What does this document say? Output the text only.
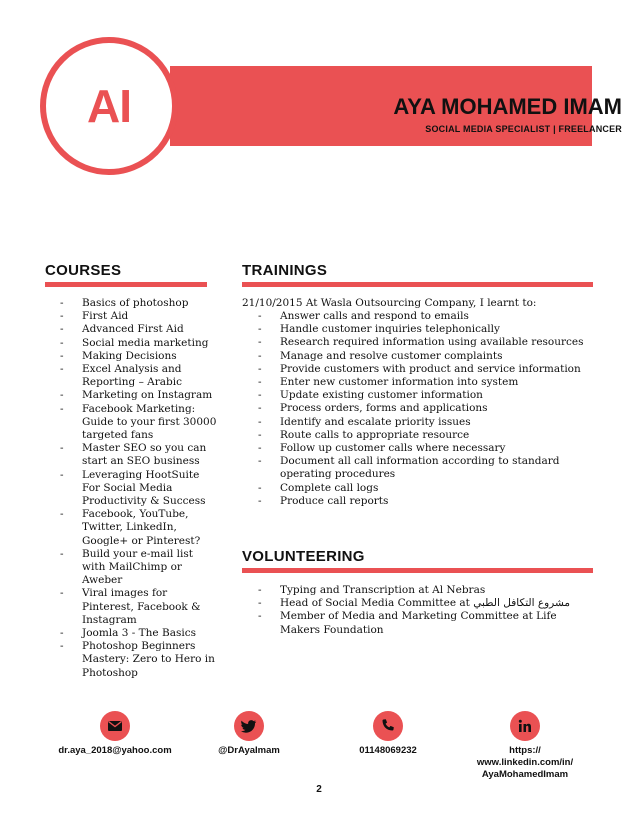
AI	AYA MOHAMED IMAM
SOCIAL MEDIA SPECIALIST | FREELANCER
COURSES
- Basics of photoshop
- First Aid
- Advanced First Aid
- Social media marketing
- Making Decisions
- Excel Analysis and Reporting – Arabic
- Marketing on Instagram
- Facebook Marketing: Guide to your first 30000 targeted fans
- Master SEO so you can start an SEO business
- Leveraging HootSuite For Social Media Productivity & Success
- Facebook, YouTube, Twitter, LinkedIn, Google+ or Pinterest?
- Build your e-mail list with MailChimp or Aweber
- Viral images for Pinterest, Facebook & Instagram
- Joomla 3 - The Basics
- Photoshop Beginners Mastery: Zero to Hero in Photoshop
TRAININGS
21/10/2015 At Wasla Outsourcing Company, I learnt to:
- Answer calls and respond to emails
- Handle customer inquiries telephonically
- Research required information using available resources
- Manage and resolve customer complaints
- Provide customers with product and service information
- Enter new customer information into system
- Update existing customer information
- Process orders, forms and applications
- Identify and escalate priority issues
- Route calls to appropriate resource
- Follow up customer calls where necessary
- Document all call information according to standard operating procedures
- Complete call logs
- Produce call reports
VOLUNTEERING
- Typing and Transcription at Al Nebras
- Head of Social Media Committee at مشروع التكافل الطبي
- Member of Media and Marketing Committee at Life Makers Foundation
dr.aya_2018@yahoo.com	@DrAyaImam	01148069232	https:// www.linkedin.com/in/ AyaMohamedImam
2
